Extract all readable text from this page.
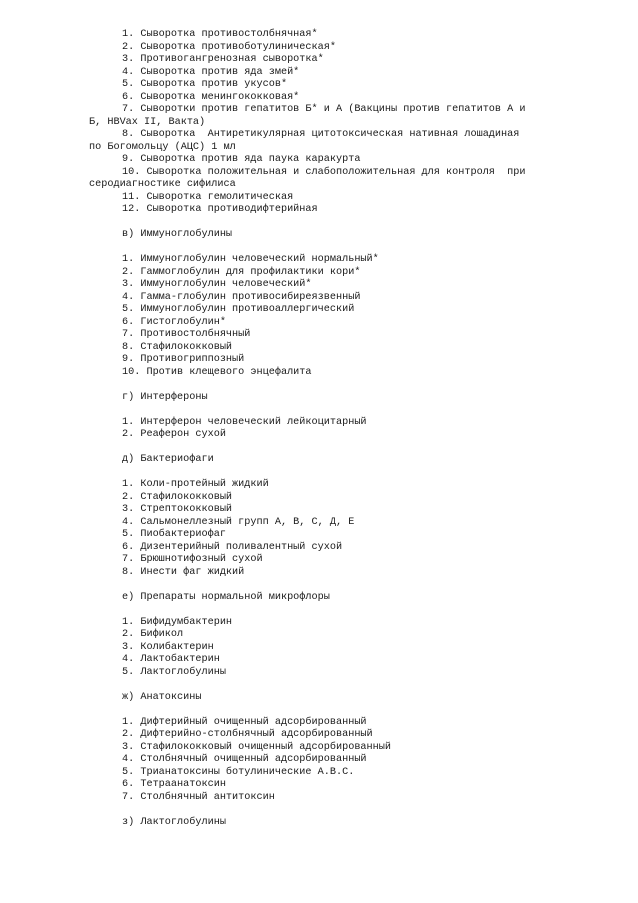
1. Сыворотка противостолбнячная*
2. Сыворотка противоботулиническая*
3. Противогангренозная сыворотка*
4. Сыворотка против яда змей*
5. Сыворотка против укусов*
6. Сыворотка менингококковая*
7. Сыворотки против гепатитов Б* и А (Вакцины против гепатитов А и
Б, HBVax II, Вакта)
8. Сыворотка  Антиретикулярная цитотоксическая нативная лошадиная
по Богомольцу (АЦС) 1 мл
9. Сыворотка против яда паука каракурта
10. Сыворотка положительная и слабоположительная для контроля  при
серодиагностике сифилиса
11. Сыворотка гемолитическая
12. Сыворотка противодифтерийная
в) Иммуноглобулины
1. Иммуноглобулин человеческий нормальный*
2. Гаммоглобулин для профилактики кори*
3. Иммуноглобулин человеческий*
4. Гамма-глобулин противосибиреязвенный
5. Иммуноглобулин противоаллергический
6. Гистоглобулин*
7. Противостолбнячный
8. Стафилококковый
9. Противогриппозный
10. Против клещевого энцефалита
г) Интерфероны
1. Интерферон человеческий лейкоцитарный
2. Реаферон сухой
д) Бактериофаги
1. Коли-протейный жидкий
2. Стафилококковый
3. Стрептококковый
4. Сальмонеллезный групп А, В, С, Д, Е
5. Пиобактериофаг
6. Дизентерийный поливалентный сухой
7. Брюшнотифозный сухой
8. Инести фаг жидкий
е) Препараты нормальной микрофлоры
1. Бифидумбактерин
2. Бификол
3. Колибактерин
4. Лактобактерин
5. Лактоглобулины
ж) Анатоксины
1. Дифтерийный очищенный адсорбированный
2. Дифтерийно-столбнячный адсорбированный
3. Стафилококковый очищенный адсорбированный
4. Столбнячный очищенный адсорбированный
5. Трианатоксины ботулинические А.В.С.
6. Тетраанатоксин
7. Столбнячный антитоксин
з) Лактоглобулины
